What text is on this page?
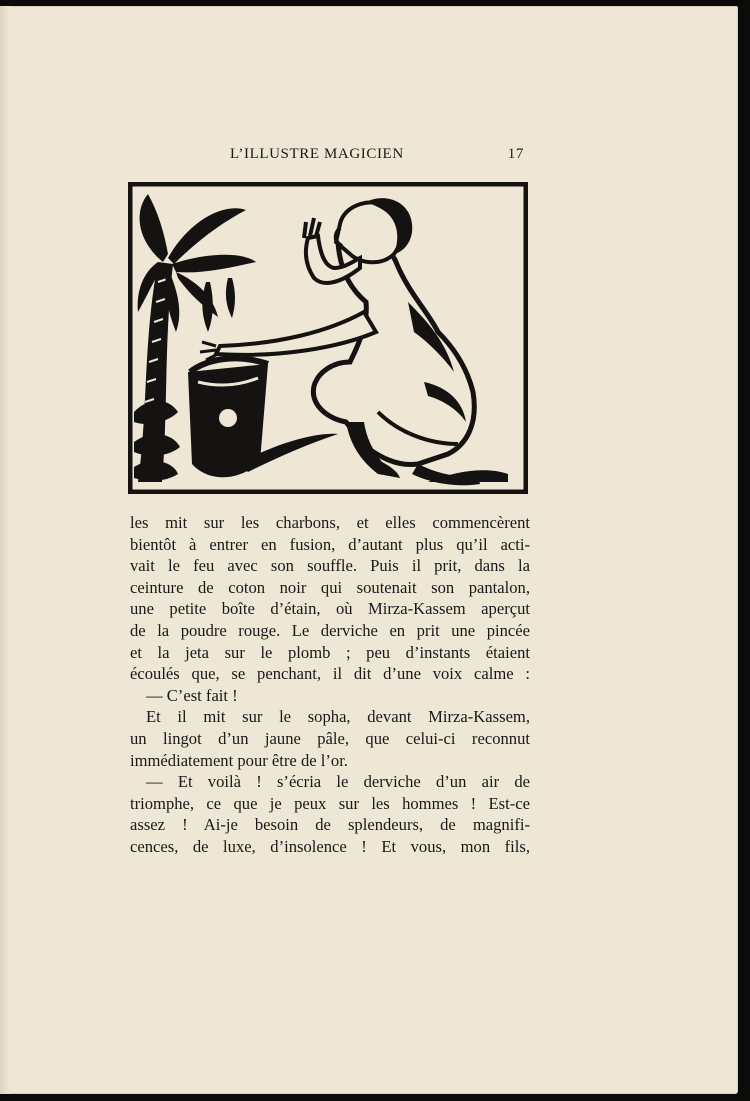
L’ILLUSTRE MAGICIEN	17
les mit sur les charbons, et elles commencèrent
bientôt à entrer en fusion, d’autant plus qu’il acti-
vait le feu avec son souffle. Puis il prit, dans la
ceinture de coton noir qui soutenait son pantalon,
une petite boîte d’étain, où Mirza-Kassem aperçut
de la poudre rouge. Le derviche en prit une pincée
et la jeta sur le plomb ; peu d’instants étaient
écoulés que, se penchant, il dit d’une voix calme :
— C’est fait !
Et il mit sur le sopha, devant Mirza-Kassem,
un lingot d’un jaune pâle, que celui-ci reconnut
immédiatement pour être de l’or.
— Et voilà ! s’écria le derviche d’un air de
triomphe, ce que je peux sur les hommes ! Est-ce
assez ! Ai-je besoin de splendeurs, de magnifi-
cences, de luxe, d’insolence ! Et vous, mon fils,
